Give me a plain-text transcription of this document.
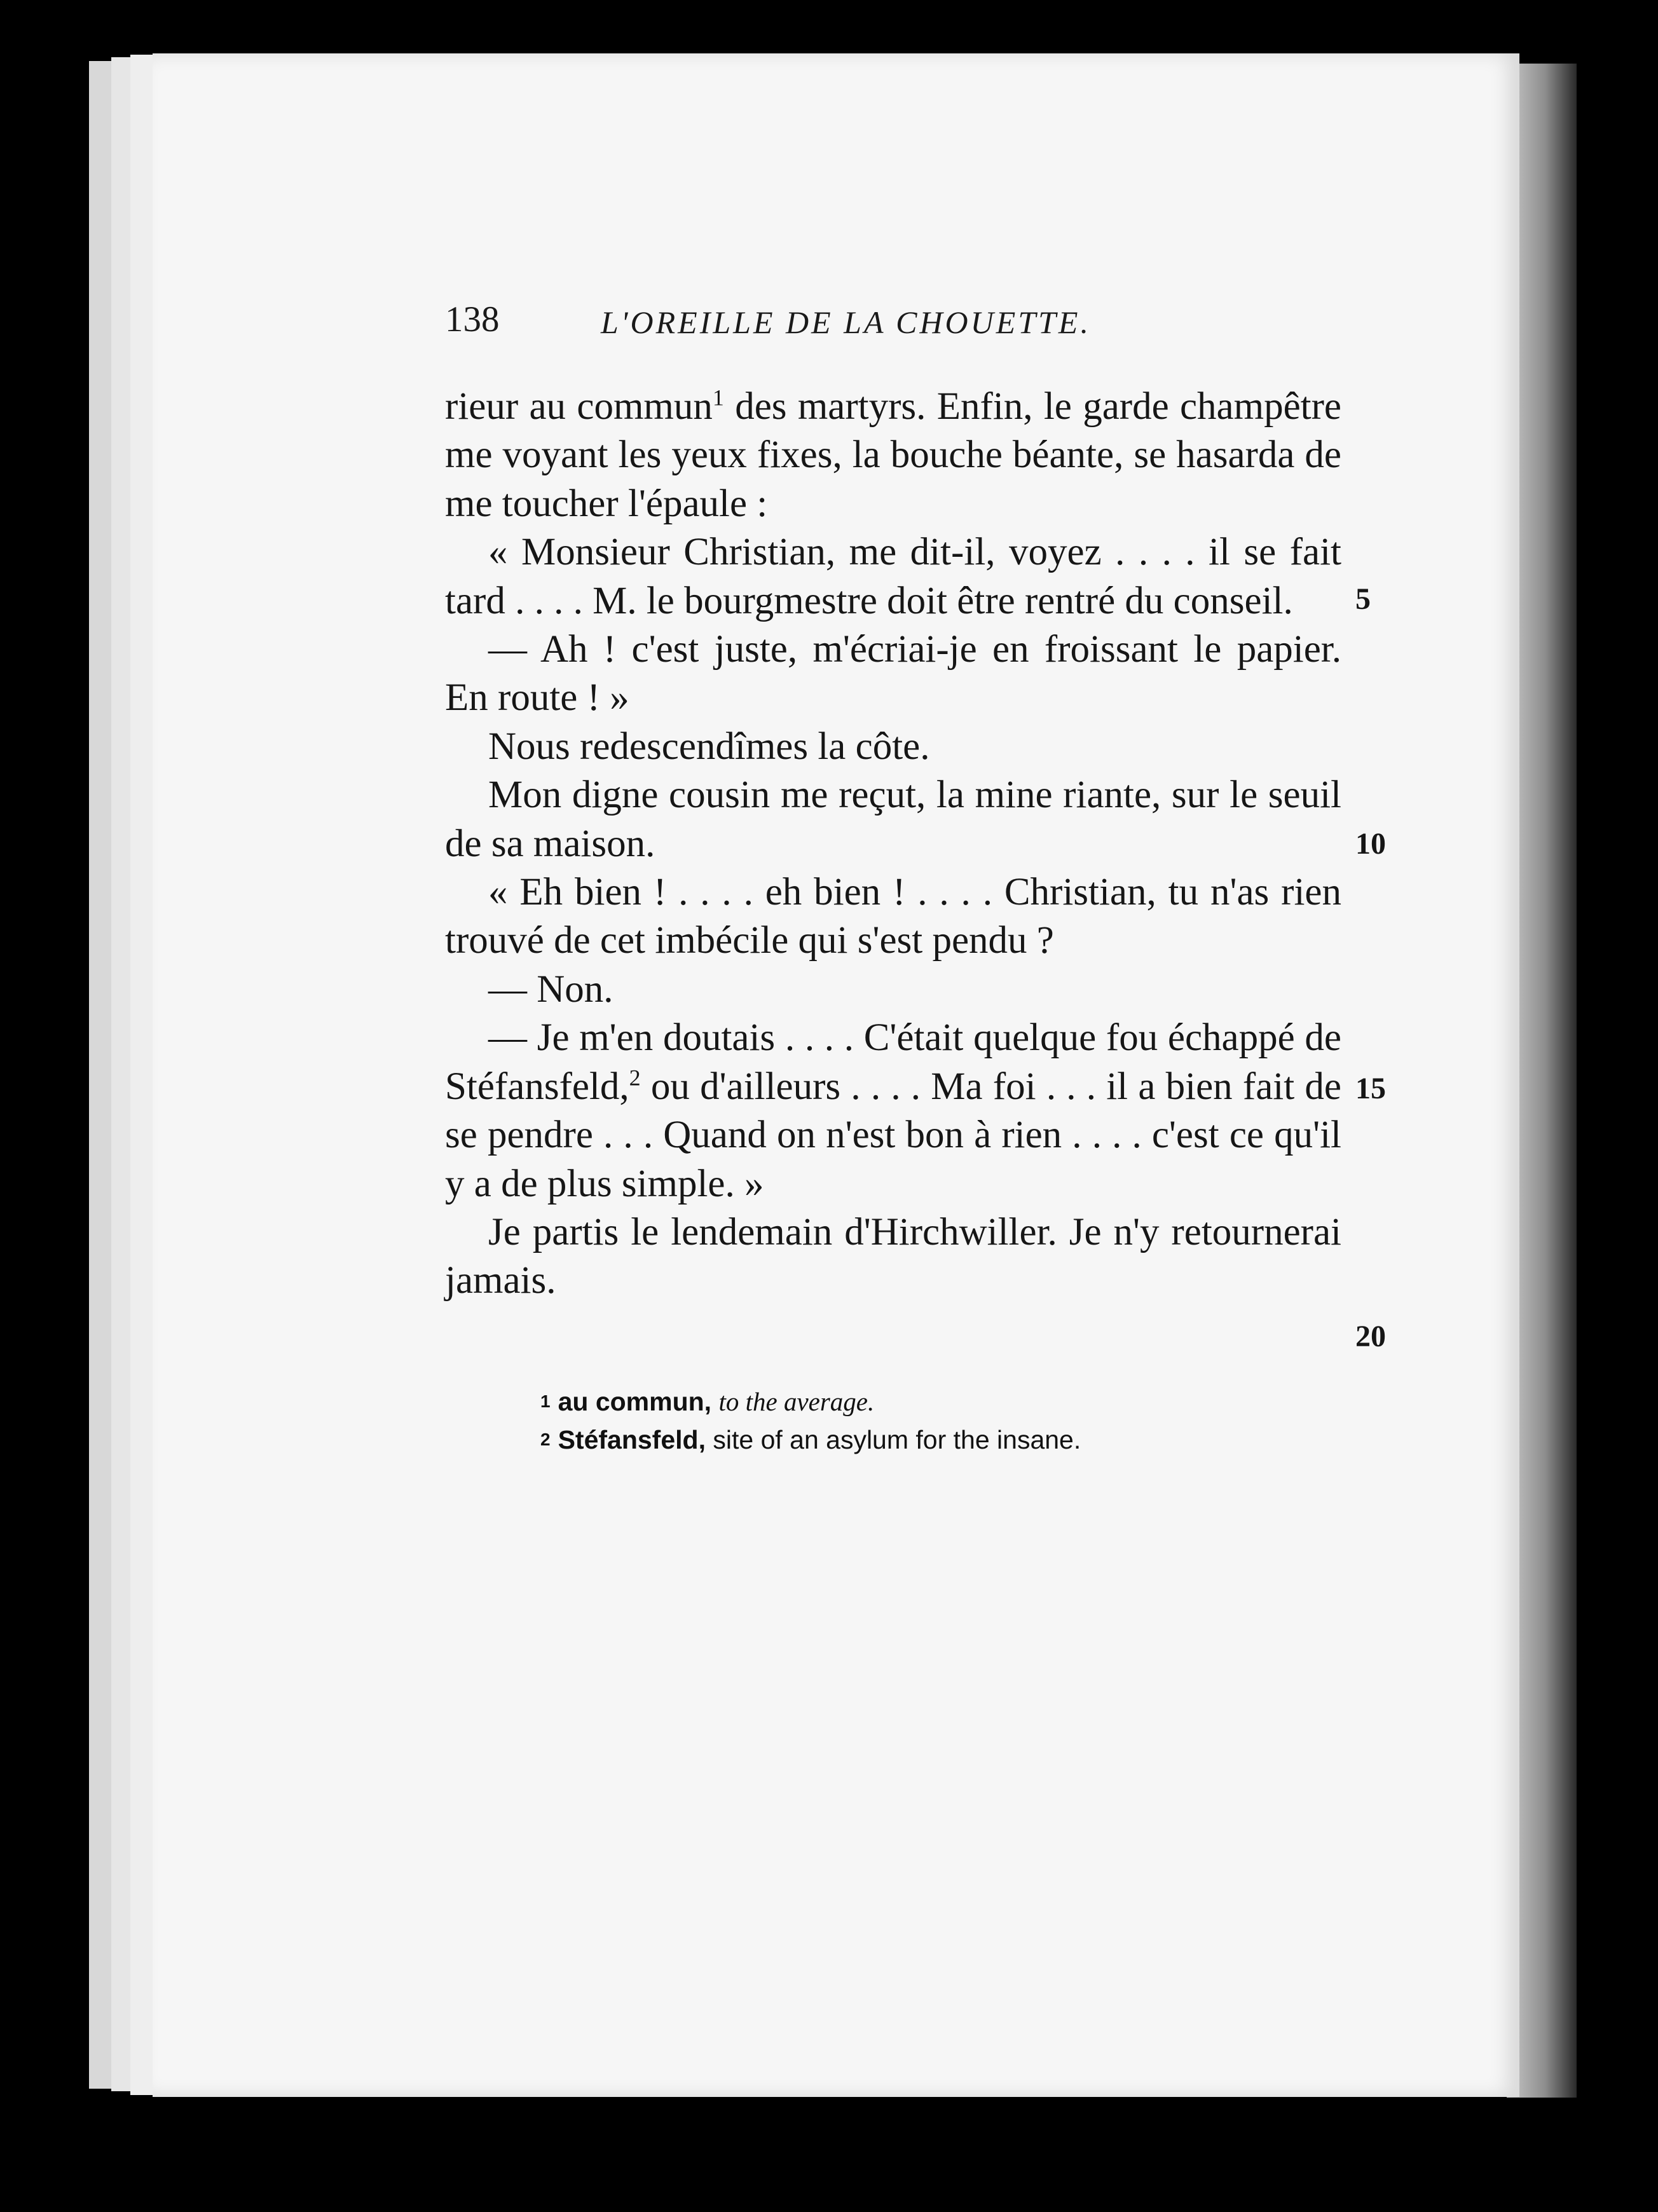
138	L'OREILLE DE LA CHOUETTE.

rieur au commun$^1$ des martyrs. Enfin, le garde champêtre me voyant les yeux fixes, la bouche béante, se hasarda de me toucher l'épaule :

« Monsieur Christian, me dit-il, voyez . . . . il se fait tard . . . . M. le bourgmestre doit être rentré du conseil.

— Ah ! c'est juste, m'écriai-je en froissant le papier. En route ! »

Nous redescendîmes la côte.

Mon digne cousin me reçut, la mine riante, sur le seuil de sa maison.

« Eh bien ! . . . . eh bien ! . . . . Christian, tu n'as rien trouvé de cet imbécile qui s'est pendu ?

— Non.

— Je m'en doutais . . . . C'était quelque fou échappé de Stéfansfeld,$^2$ ou d'ailleurs . . . . Ma foi . . . il a bien fait de se pendre . . . Quand on n'est bon à rien . . . . c'est ce qu'il y a de plus simple. »

Je partis le lendemain d'Hirchwiller. Je n'y retournerai jamais.

5
10
15
20
$^1$ au commun, to the average.
$^2$ Stéfansfeld, site of an asylum for the insane.
